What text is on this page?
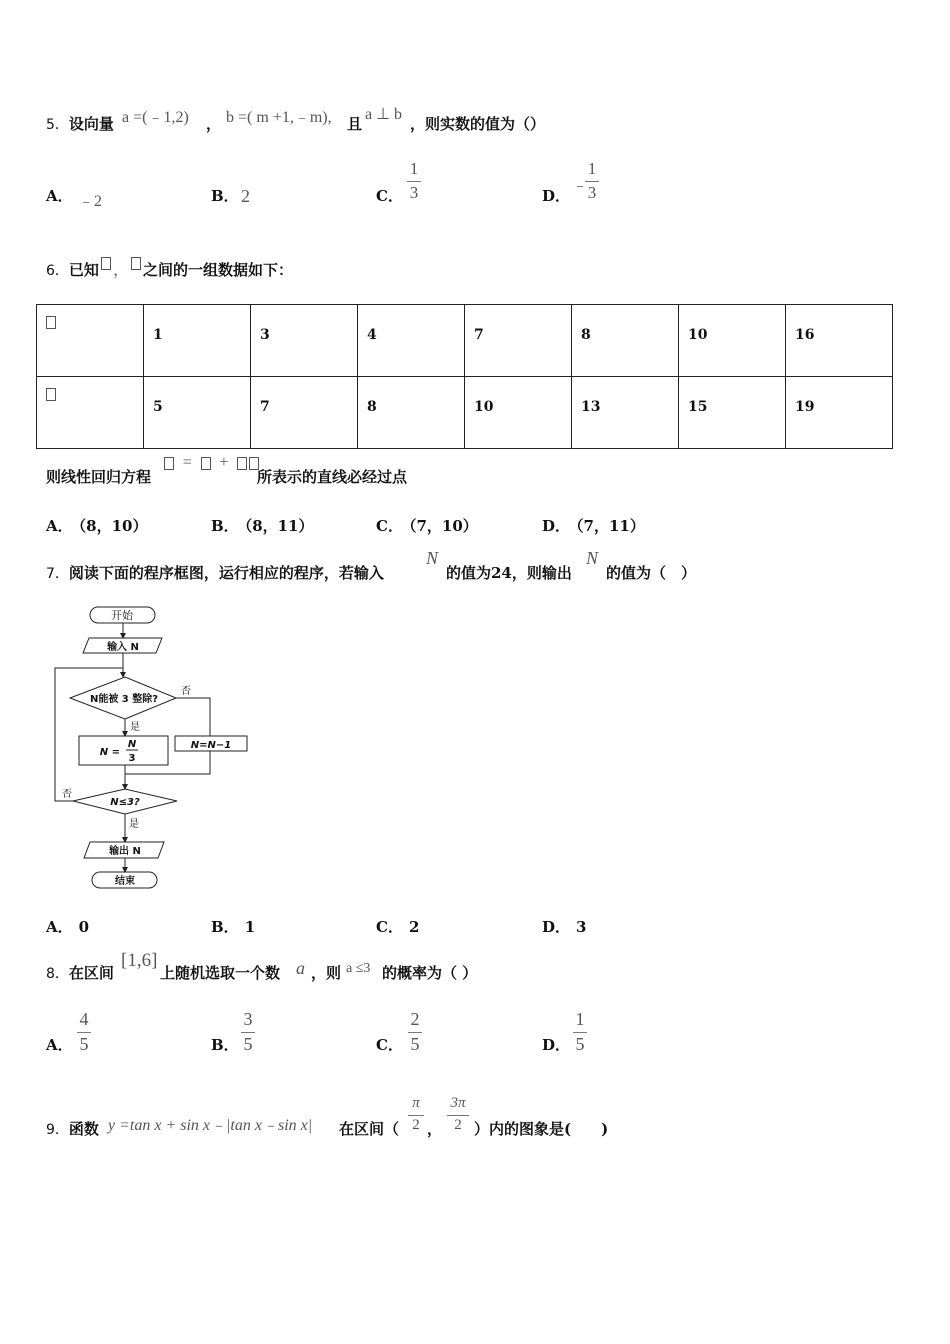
5．设向量 a =(﹣1,2) ， b =( m +1,﹣m), 且
a ⊥ b
，则实数的值为（）
A． ﹣2	B． 2	C．
1
3	D．
﹣
1
3
6．已知 ， 之间的一组数据如下：

	1	3	4	7	8	10	16

	5	7	8	10	13	15	19
则线性回归方程
= +
所表示的直线必经过点
A． （8，10）	B． （8，11）	C． （7，10）	D． （7，11）
7．阅读下面的程序框图，运行相应的程序，若输入
N
的值为24，则输出
N
的值为（　）
开始
输入 N
N能被 3 整除?
否
是
N =
N
3
N=N−1
否
N≤3?
是
输出 N
结束
A． 0	B． 1	C． 2	D． 3
8．在区间
[1,6]
上随机选取一个数 a ，则 a ≤3 的概率为（ ）
A．
4
5	B．
3
5	C．
2
5	D．
1
5
9．函数 y =tan x + sin x﹣|tan x﹣sin x| 在区间（
π
2 ，
3π
2 ）内的图象是(　　)
